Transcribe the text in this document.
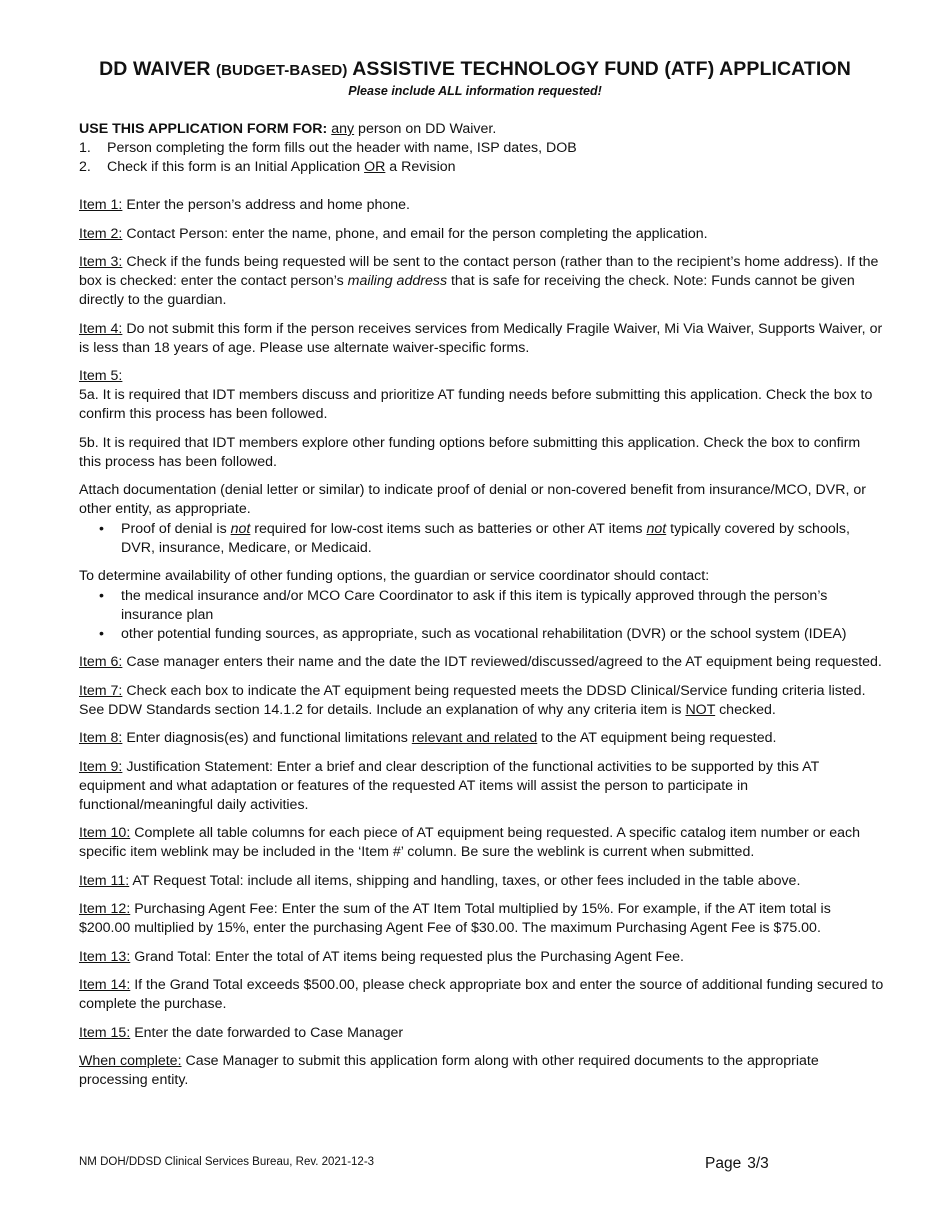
DD WAIVER (BUDGET-BASED) ASSISTIVE TECHNOLOGY FUND (ATF) APPLICATION
Please include ALL information requested!

USE THIS APPLICATION FORM FOR: any person on DD Waiver.

1. Person completing the form fills out the header with name, ISP dates, DOB
2. Check if this form is an Initial Application OR a Revision

Item 1: Enter the person’s address and home phone.

Item 2: Contact Person: enter the name, phone, and email for the person completing the application.

Item 3: Check if the funds being requested will be sent to the contact person (rather than to the recipient’s home address). If the box is checked: enter the contact person’s mailing address that is safe for receiving the check. Note: Funds cannot be given directly to the guardian.

Item 4: Do not submit this form if the person receives services from Medically Fragile Waiver, Mi Via Waiver, Supports Waiver, or is less than 18 years of age. Please use alternate waiver-specific forms.

Item 5:

5a. It is required that IDT members discuss and prioritize AT funding needs before submitting this application. Check the box to confirm this process has been followed.

5b. It is required that IDT members explore other funding options before submitting this application. Check the box to confirm this process has been followed.

Attach documentation (denial letter or similar) to indicate proof of denial or non-covered benefit from insurance/MCO, DVR, or other entity, as appropriate.

• Proof of denial is not required for low-cost items such as batteries or other AT items not typically covered by schools, DVR, insurance, Medicare, or Medicaid.

To determine availability of other funding options, the guardian or service coordinator should contact:

• the medical insurance and/or MCO Care Coordinator to ask if this item is typically approved through the person’s insurance plan
• other potential funding sources, as appropriate, such as vocational rehabilitation (DVR) or the school system (IDEA)

Item 6: Case manager enters their name and the date the IDT reviewed/discussed/agreed to the AT equipment being requested.

Item 7: Check each box to indicate the AT equipment being requested meets the DDSD Clinical/Service funding criteria listed. See DDW Standards section 14.1.2 for details. Include an explanation of why any criteria item is NOT checked.

Item 8: Enter diagnosis(es) and functional limitations relevant and related to the AT equipment being requested.

Item 9: Justification Statement: Enter a brief and clear description of the functional activities to be supported by this AT equipment and what adaptation or features of the requested AT items will assist the person to participate in functional/meaningful daily activities.

Item 10: Complete all table columns for each piece of AT equipment being requested. A specific catalog item number or each specific item weblink may be included in the ‘Item #’ column. Be sure the weblink is current when submitted.

Item 11: AT Request Total: include all items, shipping and handling, taxes, or other fees included in the table above.

Item 12: Purchasing Agent Fee: Enter the sum of the AT Item Total multiplied by 15%. For example, if the AT item total is $200.00 multiplied by 15%, enter the purchasing Agent Fee of $30.00. The maximum Purchasing Agent Fee is $75.00.

Item 13: Grand Total: Enter the total of AT items being requested plus the Purchasing Agent Fee.

Item 14: If the Grand Total exceeds $500.00, please check appropriate box and enter the source of additional funding secured to complete the purchase.

Item 15: Enter the date forwarded to Case Manager

When complete: Case Manager to submit this application form along with other required documents to the appropriate processing entity.

NM DOH/DDSD Clinical Services Bureau, Rev. 2021-12-3	Page 3/3
